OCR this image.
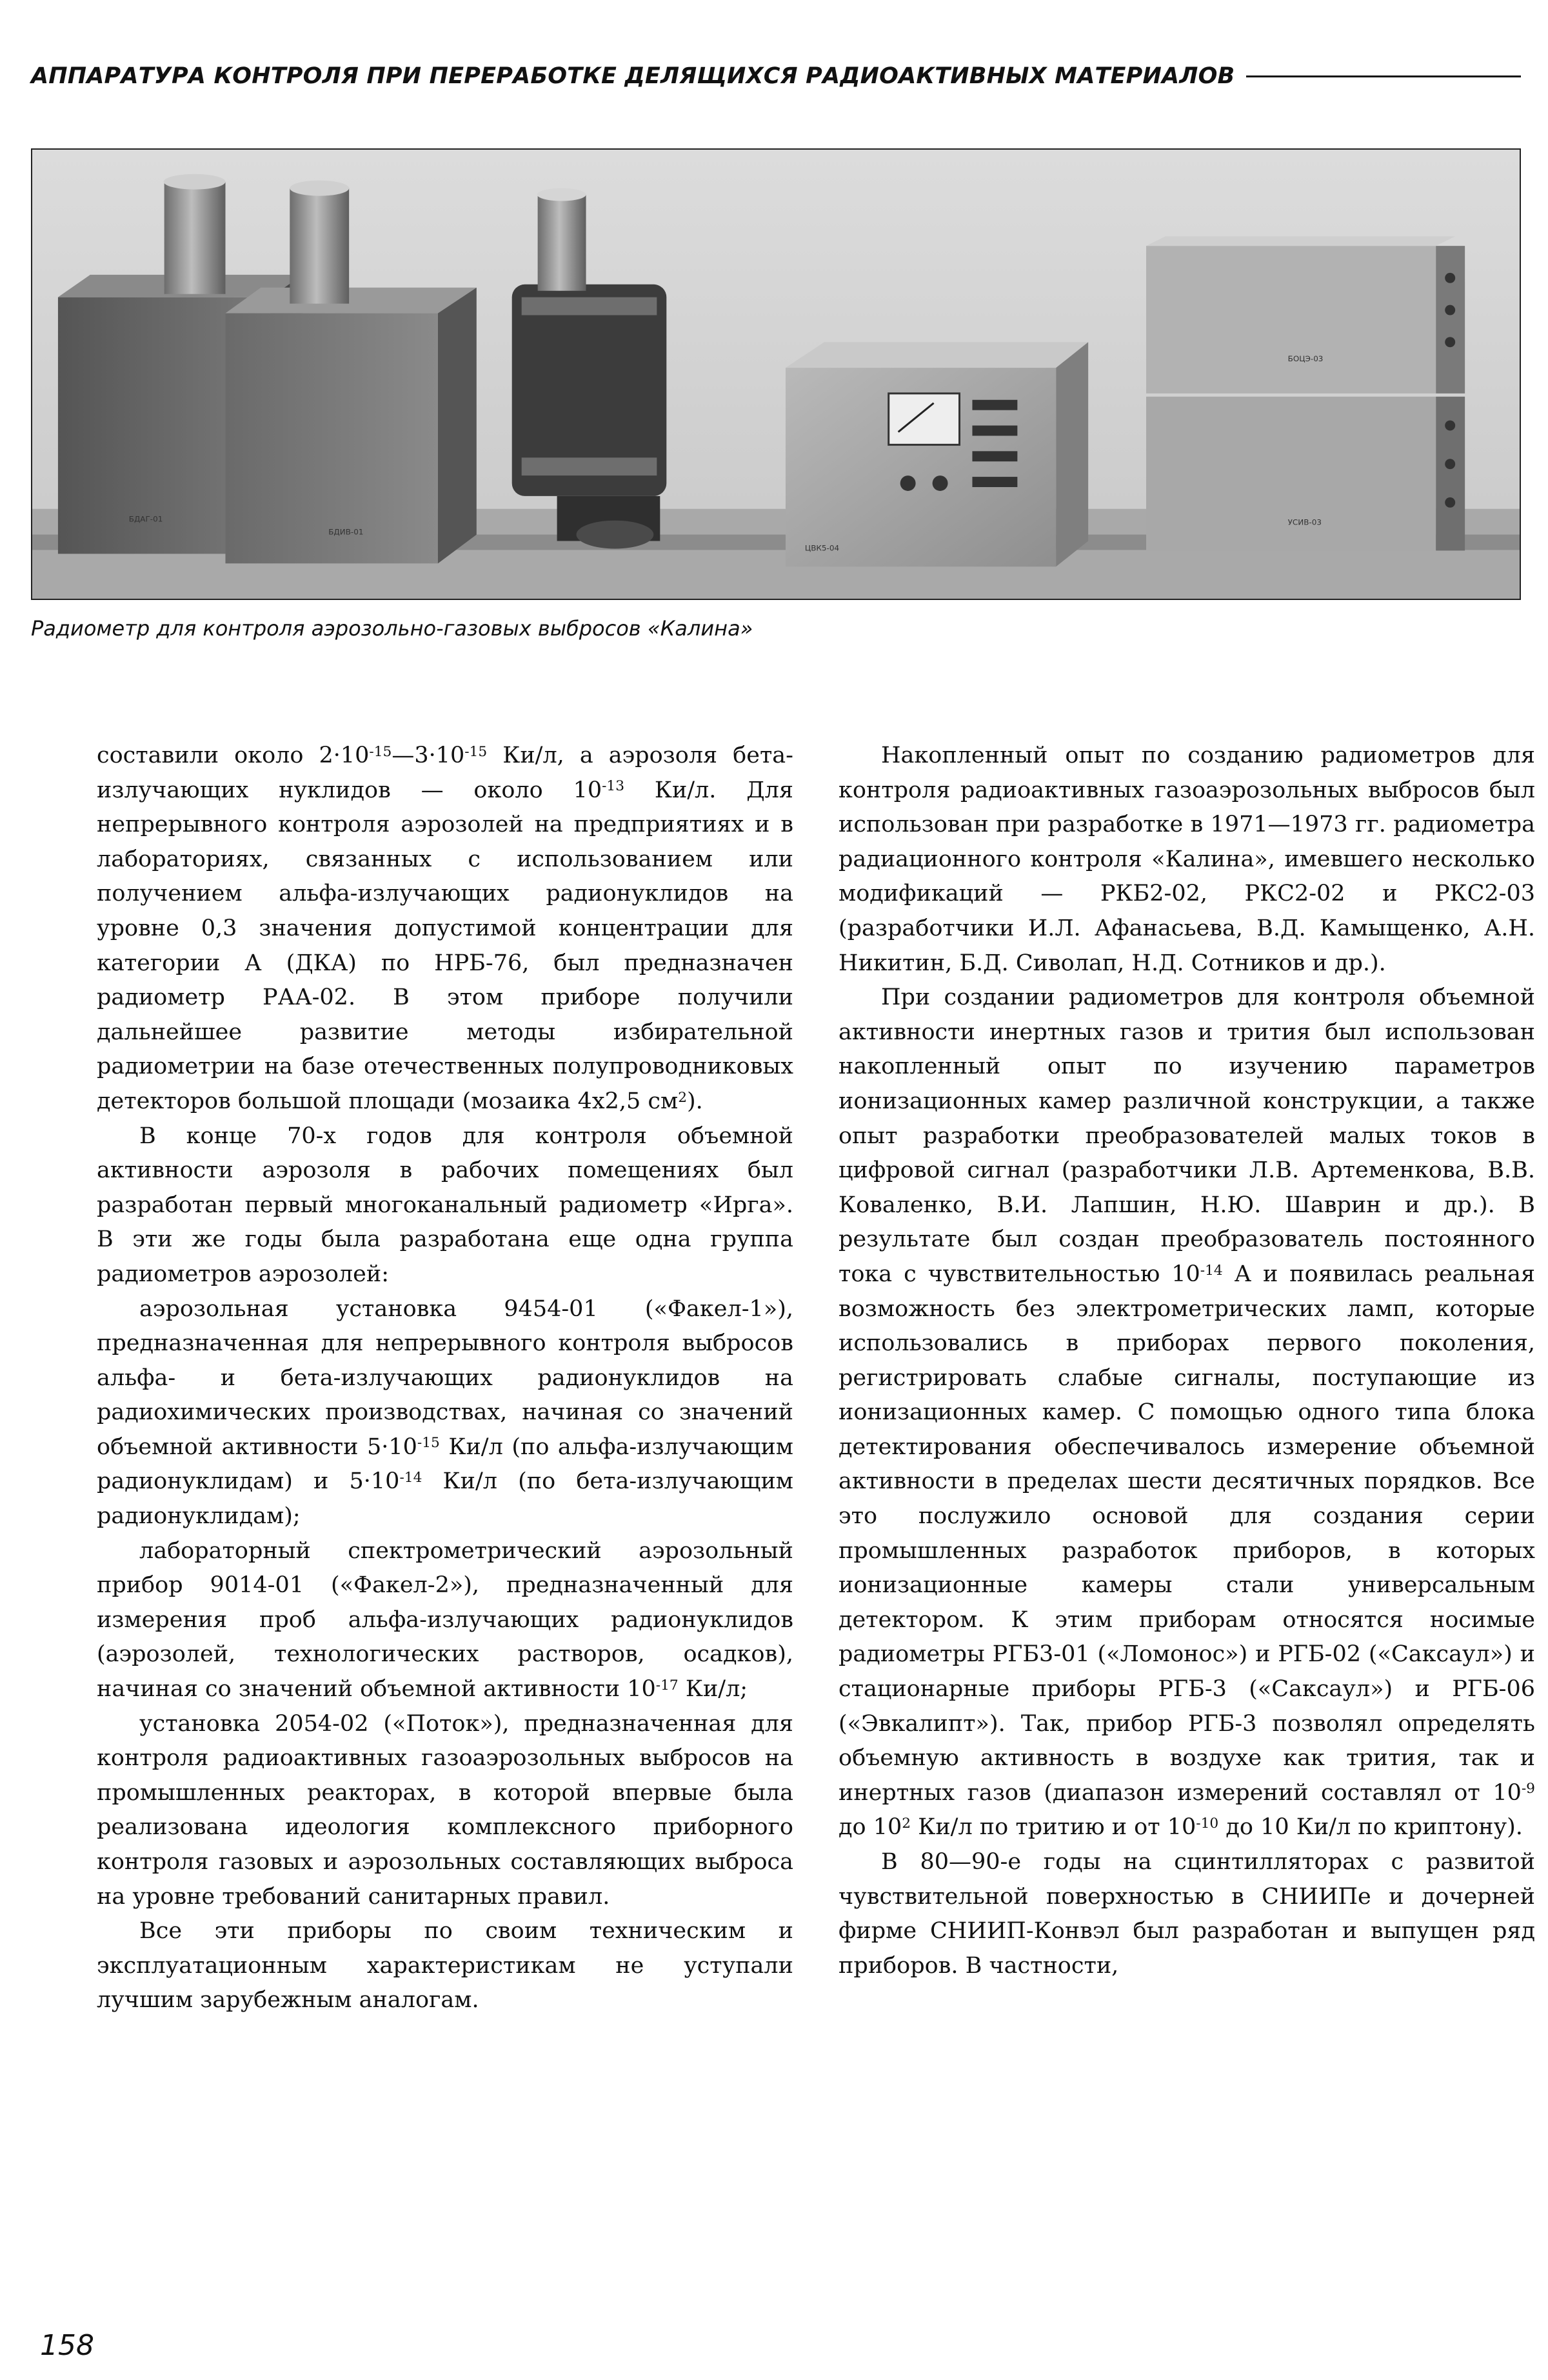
АППАРАТУРА КОНТРОЛЯ ПРИ ПЕРЕРАБОТКЕ ДЕЛЯЩИХСЯ РАДИОАКТИВНЫХ МАТЕРИАЛОВ
БДАГ-01
БДИВ-01
ЦВК5-04
БОЦЭ-03
УСИВ-03
Радиометр для контроля аэрозольно-газовых выбросов «Калина»

составили около $2\cdot 10^{-15}—3\cdot 10^{-15}$ Ки/л, а аэрозоля бета-излучающих нуклидов — около $10^{-13}$ Ки/л. Для непрерывного контроля аэрозолей на предприятиях и в лабораториях, связанных с использованием или получением альфа-излучающих радионуклидов на уровне 0,3 значения допустимой концентрации для категории А (ДКА) по НРБ-76, был предназначен радиометр РАА-02. В этом приборе получили дальнейшее развитие методы избирательной радиометрии на базе отечественных полупроводниковых детекторов большой площади (мозаика 4х2,5 $см^2$).

В конце 70-х годов для контроля объемной активности аэрозоля в рабочих помещениях был разработан первый многоканальный радиометр «Ирга». В эти же годы была разработана еще одна группа радиометров аэрозолей:

аэрозольная установка 9454-01 («Факел-1»), предназначенная для непрерывного контроля выбросов альфа- и бета-излучающих радионуклидов на радиохимических производствах, начиная со значений объемной активности $5\cdot 10^{-15}$ Ки/л (по альфа-излучающим радионуклидам) и $5\cdot 10^{-14}$ Ки/л (по бета-излучающим радионуклидам);

лабораторный спектрометрический аэрозольный прибор 9014-01 («Факел-2»), предназначенный для измерения проб альфа-излучающих радионуклидов (аэрозолей, технологических растворов, осадков), начиная со значений объемной активности $10^{-17}$ Ки/л;

установка 2054-02 («Поток»), предназначенная для контроля радиоактивных газоаэрозольных выбросов на промышленных реакторах, в которой впервые была реализована идеология комплексного приборного контроля газовых и аэрозольных составляющих выброса на уровне требований санитарных правил.

Все эти приборы по своим техническим и эксплуатационным характеристикам не уступали лучшим зарубежным аналогам.

Накопленный опыт по созданию радиометров для контроля радиоактивных газоаэрозольных выбросов был использован при разработке в 1971—1973 гг. радиометра радиационного контроля «Калина», имевшего несколько модификаций — РКБ2-02, РКС2-02 и РКС2-03 (разработчики И.Л. Афанасьева, В.Д. Камыщенко, А.Н. Никитин, Б.Д. Сиволап, Н.Д. Сотников и др.).

При создании радиометров для контроля объемной активности инертных газов и трития был использован накопленный опыт по изучению параметров ионизационных камер различной конструкции, а также опыт разработки преобразователей малых токов в цифровой сигнал (разработчики Л.В. Артеменкова, В.В. Коваленко, В.И. Лапшин, Н.Ю. Шаврин и др.). В результате был создан преобразователь постоянного тока с чувствительностью $10^{-14}$ А и появилась реальная возможность без электрометрических ламп, которые использовались в приборах первого поколения, регистрировать слабые сигналы, поступающие из ионизационных камер. С помощью одного типа блока детектирования обеспечивалось измерение объемной активности в пределах шести десятичных порядков. Все это послужило основой для создания серии промышленных разработок приборов, в которых ионизационные камеры стали универсальным детектором. К этим приборам относятся носимые радиометры РГБ3-01 («Ломонос») и РГБ-02 («Саксаул») и стационарные приборы РГБ-3 («Саксаул») и РГБ-06 («Эвкалипт»). Так, прибор РГБ-3 позволял определять объемную активность в воздухе как трития, так и инертных газов (диапазон измерений составлял от $10^{-9}$ до $10^2$ Ки/л по тритию и от $10^{-10}$ до 10 Ки/л по криптону).

В 80—90-е годы на сцинтилляторах с развитой чувствительной поверхностью в СНИИПе и дочерней фирме СНИИП-Конвэл был разработан и выпущен ряд приборов. В частности,

158
